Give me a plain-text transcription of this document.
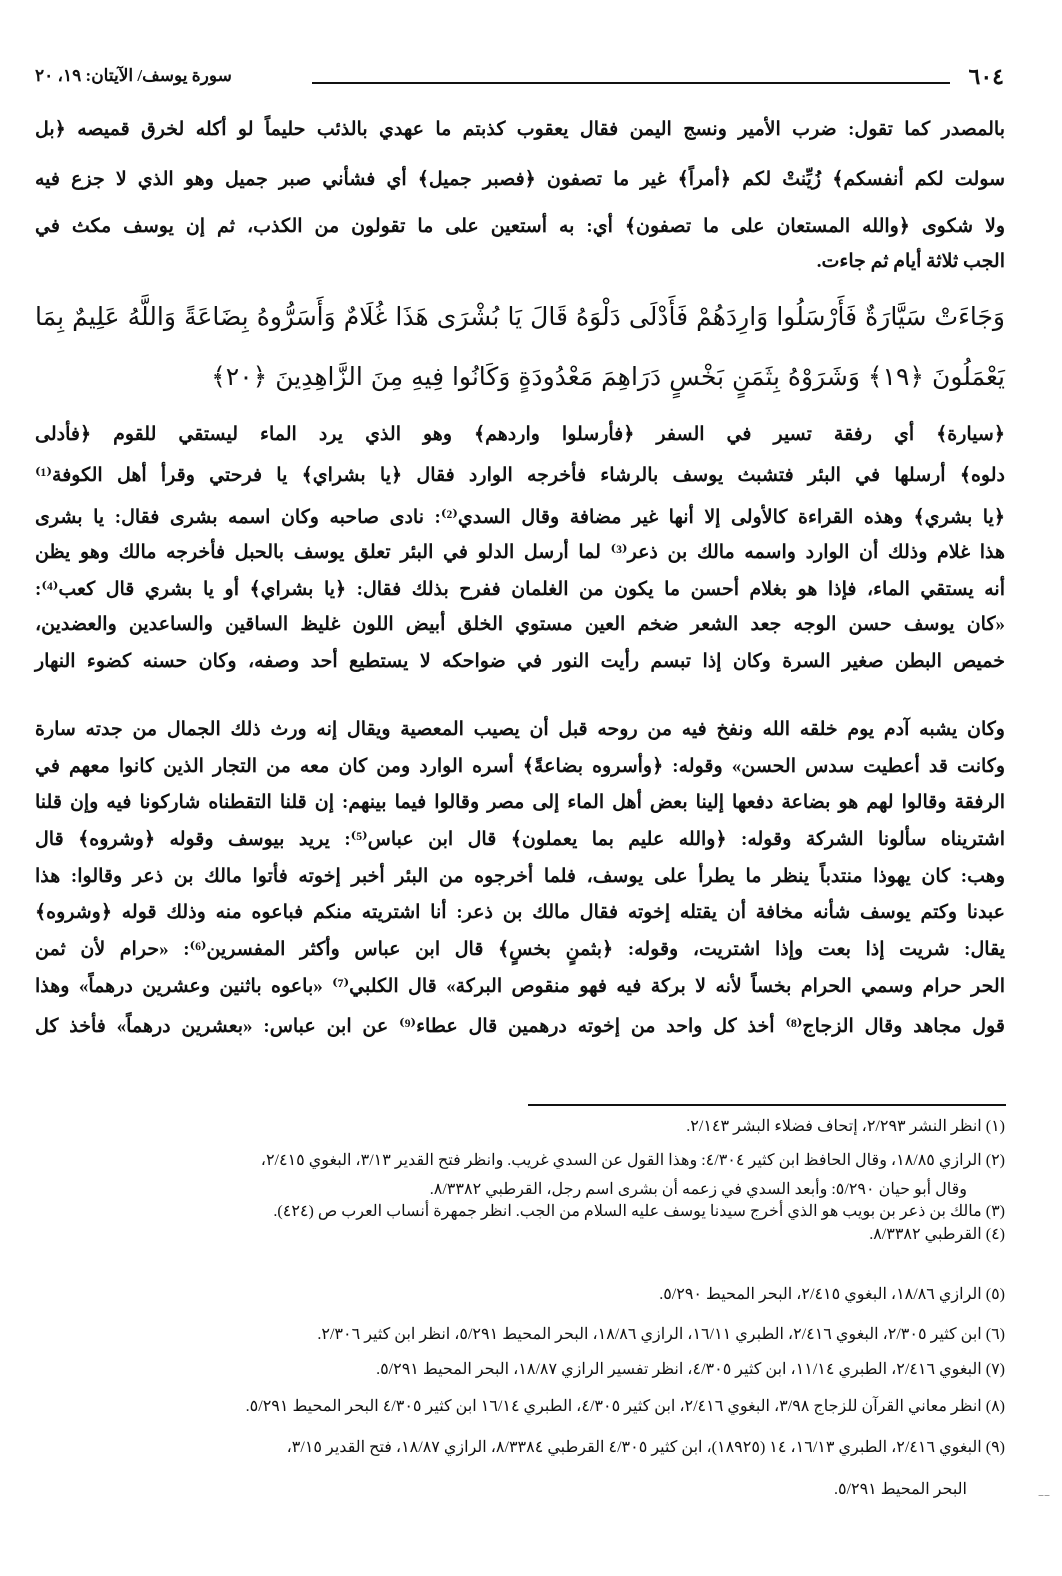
٦٠٤
سورة يوسف/ الآيتان: ١٩، ٢٠
بالمصدر كما تقول: ضرب الأمير ونسج اليمن فقال يعقوب كذبتم ما عهدي بالذئب حليماً لو أكله لخرق قميصه ﴿بل
سولت لكم أنفسكم﴾ زُيِّنتْ لكم ﴿أمراً﴾ غير ما تصفون ﴿فصبر جميل﴾ أي فشأني صبر جميل وهو الذي لا جزع فيه
ولا شكوى ﴿والله المستعان على ما تصفون﴾ أي: به أستعين على ما تقولون من الكذب، ثم إن يوسف مكث في
الجب ثلاثة أيام ثم جاءت.
وَجَاءَتْ سَيَّارَةٌ فَأَرْسَلُوا وَارِدَهُمْ فَأَدْلَى دَلْوَهُ قَالَ يَا بُشْرَى هَذَا غُلَامٌ وَأَسَرُّوهُ بِضَاعَةً وَاللَّهُ عَلِيمٌ بِمَا
يَعْمَلُونَ ﴿١٩﴾ وَشَرَوْهُ بِثَمَنٍ بَخْسٍ دَرَاهِمَ مَعْدُودَةٍ وَكَانُوا فِيهِ مِنَ الزَّاهِدِينَ ﴿٢٠﴾
﴿سيارة﴾ أي رفقة تسير في السفر ﴿فأرسلوا واردهم﴾ وهو الذي يرد الماء ليستقي للقوم ﴿فأدلى
دلوه﴾ أرسلها في البئر فتشبث يوسف بالرشاء فأخرجه الوارد فقال ﴿يا بشراي﴾ يا فرحتي وقرأ أهل الكوفة⁽¹⁾
﴿يا بشري﴾ وهذه القراءة كالأولى إلا أنها غير مضافة وقال السدي⁽²⁾: نادى صاحبه وكان اسمه بشرى فقال: يا بشرى
هذا غلام وذلك أن الوارد واسمه مالك بن ذعر⁽³⁾ لما أرسل الدلو في البئر تعلق يوسف بالحبل فأخرجه مالك وهو يظن
أنه يستقي الماء، فإذا هو بغلام أحسن ما يكون من الغلمان ففرح بذلك فقال: ﴿يا بشراي﴾ أو يا بشري قال كعب⁽⁴⁾:
«كان يوسف حسن الوجه جعد الشعر ضخم العين مستوي الخلق أبيض اللون غليظ الساقين والساعدين والعضدين،
خميص البطن صغير السرة وكان إذا تبسم رأيت النور في ضواحكه لا يستطيع أحد وصفه، وكان حسنه كضوء النهار
وكان يشبه آدم يوم خلقه الله ونفخ فيه من روحه قبل أن يصيب المعصية ويقال إنه ورث ذلك الجمال من جدته سارة
وكانت قد أعطيت سدس الحسن» وقوله: ﴿وأسروه بضاعةً﴾ أسره الوارد ومن كان معه من التجار الذين كانوا معهم في
الرفقة وقالوا لهم هو بضاعة دفعها إلينا بعض أهل الماء إلى مصر وقالوا فيما بينهم: إن قلنا التقطناه شاركونا فيه وإن قلنا
اشتريناه سألونا الشركة وقوله: ﴿والله عليم بما يعملون﴾ قال ابن عباس⁽⁵⁾: يريد بيوسف وقوله ﴿وشروه﴾ قال
وهب: كان يهوذا منتدباً ينظر ما يطرأ على يوسف، فلما أخرجوه من البئر أخبر إخوته فأتوا مالك بن ذعر وقالوا: هذا
عبدنا وكتم يوسف شأنه مخافة أن يقتله إخوته فقال مالك بن ذعر: أنا اشتريته منكم فباعوه منه وذلك قوله ﴿وشروه﴾
يقال: شريت إذا بعت وإذا اشتريت، وقوله: ﴿بثمنٍ بخسٍ﴾ قال ابن عباس وأكثر المفسرين⁽⁶⁾: «حرام لأن ثمن
الحر حرام وسمي الحرام بخساً لأنه لا بركة فيه فهو منقوص البركة» قال الكلبي⁽⁷⁾ «باعوه باثنين وعشرين درهماً» وهذا
قول مجاهد وقال الزجاج⁽⁸⁾ أخذ كل واحد من إخوته درهمين قال عطاء⁽⁹⁾ عن ابن عباس: «بعشرين درهماً» فأخذ كل
(١) انظر النشر ٢/٢٩٣، إتحاف فضلاء البشر ٢/١٤٣.
(٢) الرازي ١٨/٨٥، وقال الحافظ ابن كثير ٤/٣٠٤: وهذا القول عن السدي غريب. وانظر فتح القدير ٣/١٣، البغوي ٢/٤١٥،
وقال أبو حيان ٥/٢٩٠: وأبعد السدي في زعمه أن بشرى اسم رجل، القرطبي ٨/٣٣٨٢.
(٣) مالك بن ذعر بن بويب هو الذي أخرج سيدنا يوسف عليه السلام من الجب. انظر جمهرة أنساب العرب ص (٤٢٤).
(٤) القرطبي ٨/٣٣٨٢.
(٥) الرازي ١٨/٨٦، البغوي ٢/٤١٥، البحر المحيط ٥/٢٩٠.
(٦) ابن كثير ٢/٣٠٥، البغوي ٢/٤١٦، الطبري ١٦/١١، الرازي ١٨/٨٦، البحر المحيط ٥/٢٩١، انظر ابن كثير ٢/٣٠٦.
(٧) البغوي ٢/٤١٦، الطبري ١١/١٤، ابن كثير ٤/٣٠٥، انظر تفسير الرازي ١٨/٨٧، البحر المحيط ٥/٢٩١.
(٨) انظر معاني القرآن للزجاج ٣/٩٨، البغوي ٢/٤١٦، ابن كثير ٤/٣٠٥، الطبري ١٦/١٤ ابن كثير ٤/٣٠٥ البحر المحيط ٥/٢٩١.
(٩) البغوي ٢/٤١٦، الطبري ١٦/١٣، ١٤ (١٨٩٢٥)، ابن كثير ٤/٣٠٥ القرطبي ٨/٣٣٨٤، الرازي ١٨/٨٧، فتح القدير ٣/١٥،
البحر المحيط ٥/٢٩١.	––
